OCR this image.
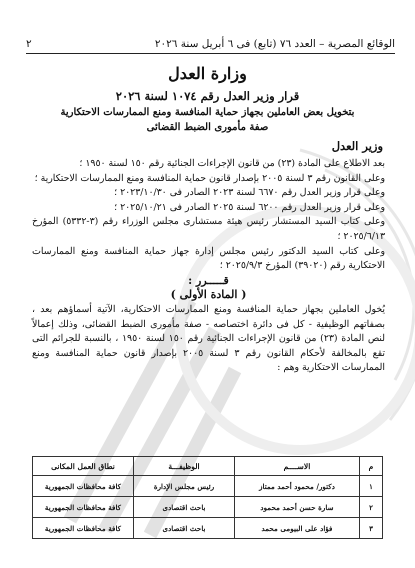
الوقائع المصرية – العدد ٧٦ (تابع) فى ٦ أبريل سنة ٢٠٢٦
٢
وزارة العدل
قرار وزير العدل رقم ١٠٧٤ لسنة ٢٠٢٦
بتخويل بعض العاملين بجهاز حماية المنافسة ومنع الممارسات الاحتكارية
صفة مأمورى الضبط القضائى
وزير العدل

بعد الاطلاع على المادة (٢٣) من قانون الإجراءات الجنائية رقم ١٥٠ لسنة ١٩٥٠ ؛

وعلى القانون رقم ٣ لسنة ٢٠٠٥ بإصدار قانون حماية المنافسة ومنع الممارسات الاحتكارية ؛

وعلى قرار وزير العدل رقم ٦٦٧٠ لسنة ٢٠٢٣ الصادر فى ٢٠٢٣/١٠/٣٠ ؛

وعلى قرار وزير العدل رقم ٦٢٠٠ لسنة ٢٠٢٥ الصادر فى ٢٠٢٥/١٠/٢١ ؛

وعلى كتاب السيد المستشار رئيس هيئة مستشارى مجلس الوزراء رقم (٣-٥٣٣٢) المؤرخ ٢٠٢٥/٦/١٣ ؛

وعلى كتاب السيد الدكتور رئيس مجلس إدارة جهاز حماية المنافسة ومنع الممارسات الاحتكارية رقم (٣٩٠٢٠) المؤرخ ٢٠٢٥/٩/٣ ؛

قـــــرر :

( المادة الأولى )

يُخول العاملين بجهاز حماية المنافسة ومنع الممارسات الاحتكارية، الآتية أسماؤهم بعد ، بصفاتهم الوظيفية - كل فى دائرة اختصاصه - صفة مأمورى الضبط القضائى، وذلك إعمالاً لنص المادة (٢٣) من قانون الإجراءات الجنائية رقم ١٥٠ لسنة ١٩٥٠ ، بالنسبة للجرائم التى تقع بالمخالفة لأحكام القانون رقم ٣ لسنة ٢٠٠٥ بإصدار قانون حماية المنافسة ومنع الممارسات الاحتكارية وهم :

م	الاســــم	الوظيفـــة	نطاق العمل المكانى
١	دكتور/ محمود أحمد ممتاز	رئيس مجلس الإدارة	كافة محافظات الجمهورية
٢	سارة حسن أحمد محمود	باحث اقتصادى	كافة محافظات الجمهورية
٣	فؤاد على البيومى محمد	باحث اقتصادى	كافة محافظات الجمهورية
